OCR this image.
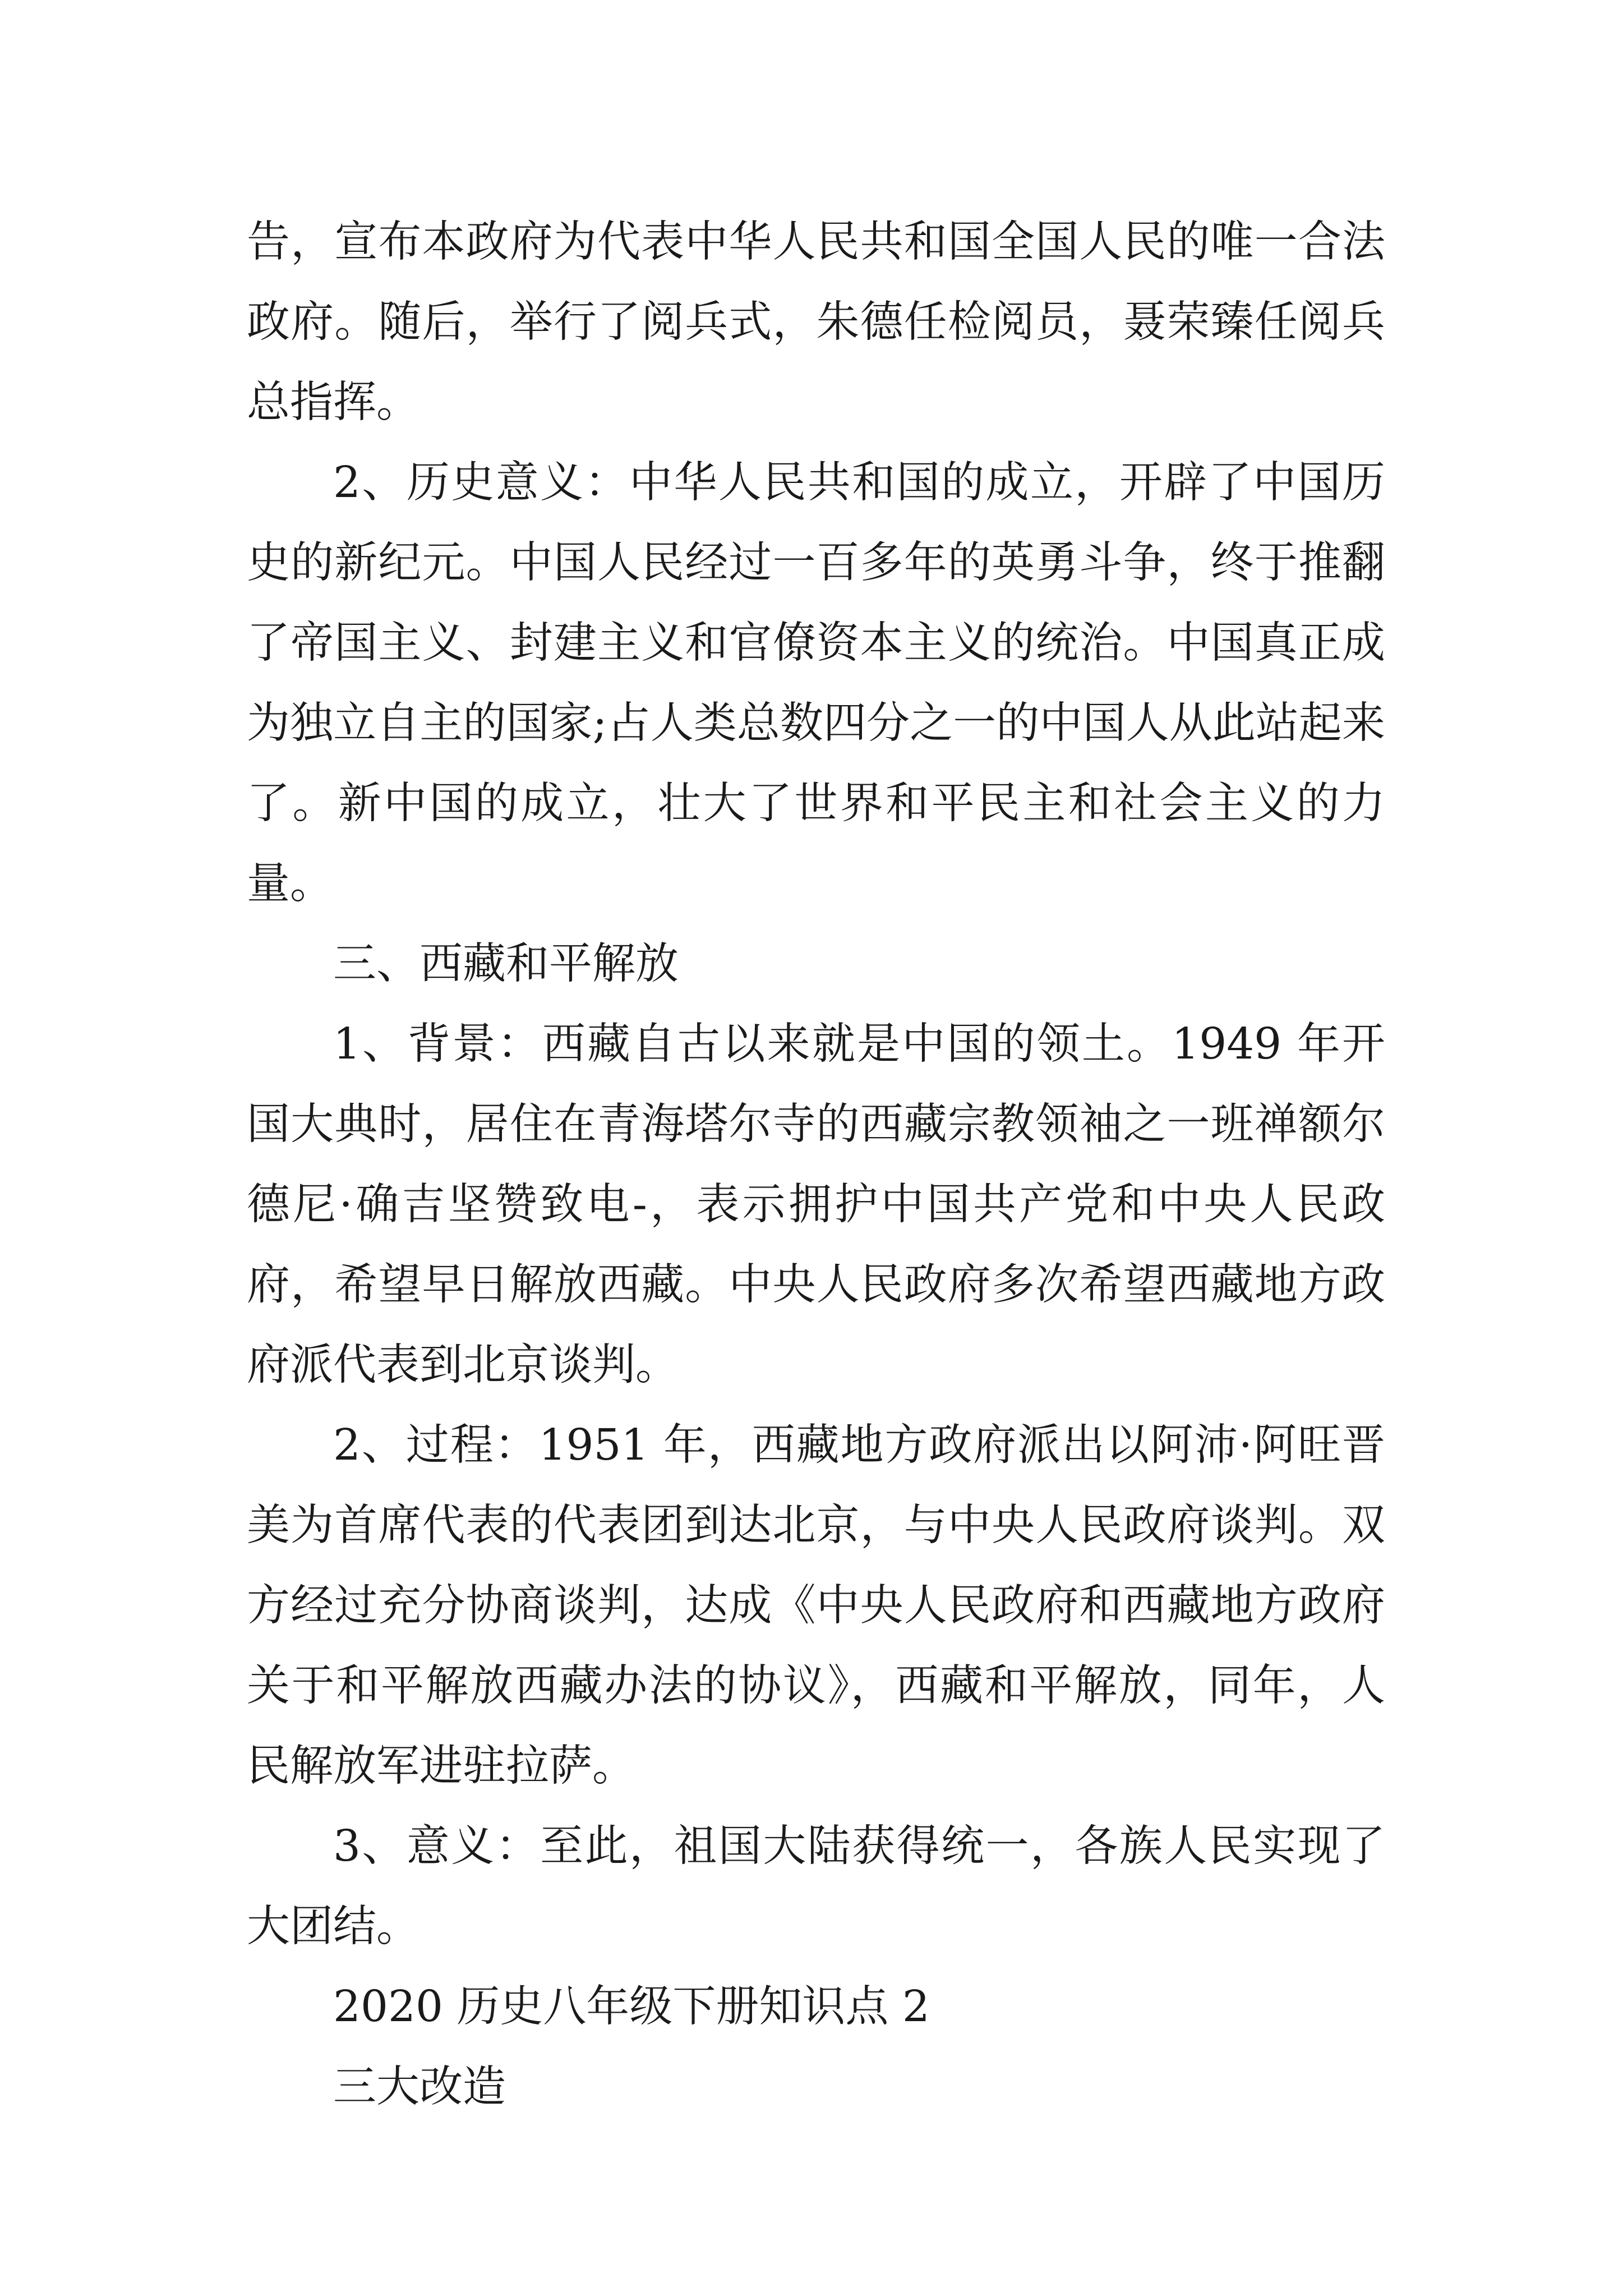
告，宣布本政府为代表中华人民共和国全国人民的唯一合法政府。随后，举行了阅兵式，朱德任检阅员，聂荣臻任阅兵总指挥。

2、历史意义：中华人民共和国的成立，开辟了中国历史的新纪元。中国人民经过一百多年的英勇斗争，终于推翻了帝国主义、封建主义和官僚资本主义的统治。中国真正成为独立自主的国家;占人类总数四分之一的中国人从此站起来了。新中国的成立，壮大了世界和平民主和社会主义的力量。

三、西藏和平解放

1、背景：西藏自古以来就是中国的领土。1949 年开国大典时，居住在青海塔尔寺的西藏宗教领袖之一班禅额尔德尼·确吉坚赞致电-，表示拥护中国共产党和中央人民政府，希望早日解放西藏。中央人民政府多次希望西藏地方政府派代表到北京谈判。

2、过程：1951 年，西藏地方政府派出以阿沛·阿旺晋美为首席代表的代表团到达北京，与中央人民政府谈判。双方经过充分协商谈判，达成《中央人民政府和西藏地方政府关于和平解放西藏办法的协议》，西藏和平解放，同年，人民解放军进驻拉萨。

3、意义：至此，祖国大陆获得统一，各族人民实现了大团结。

2020 历史八年级下册知识点 2

三大改造
